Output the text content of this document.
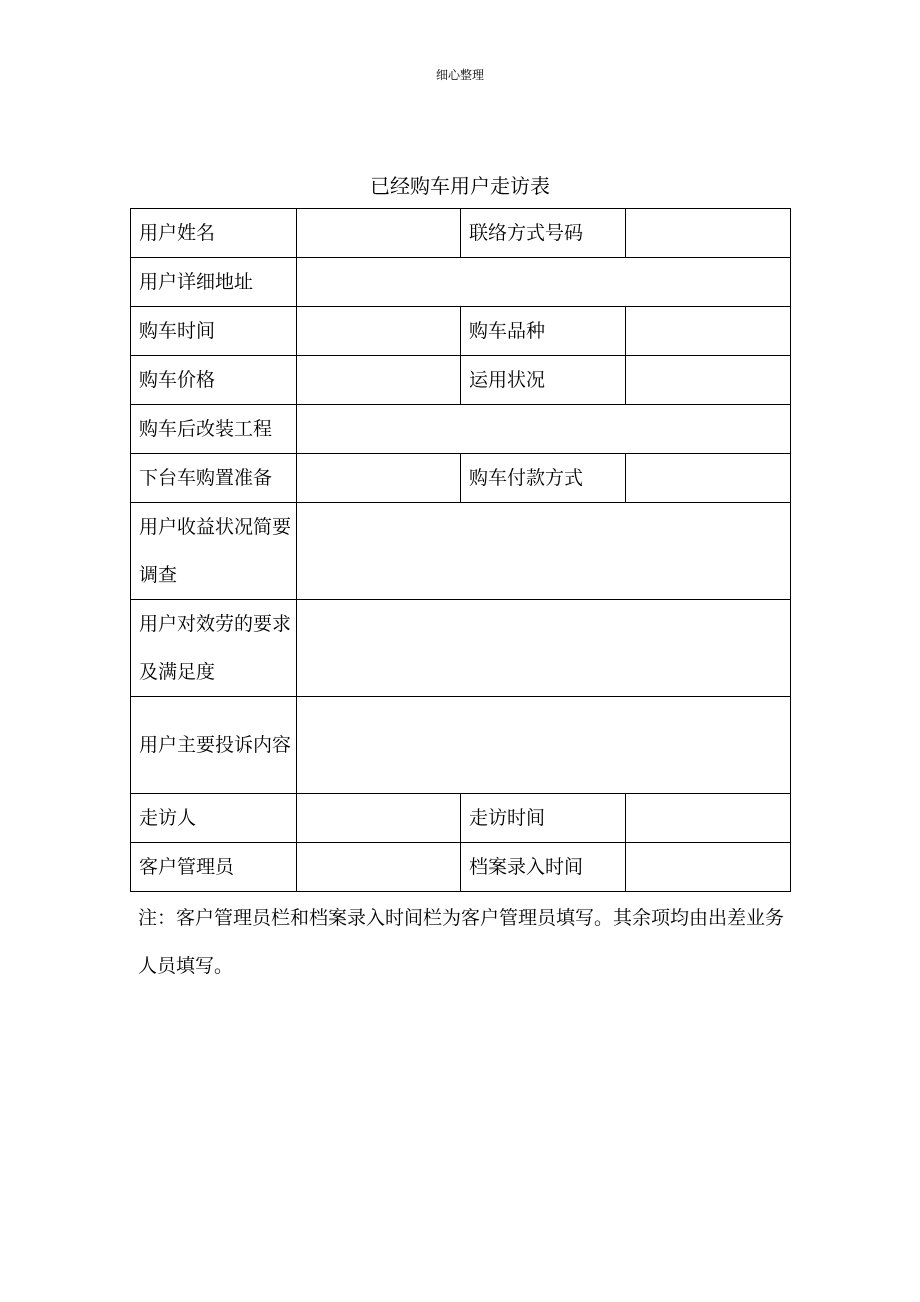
细心整理
已经购车用户走访表
用户姓名		联络方式号码	
用户详细地址			
购车时间		购车品种	
购车价格		运用状况	
购车后改装工程			
下台车购置准备		购车付款方式	
用户收益状况简要调查			
用户对效劳的要求及满足度			
用户主要投诉内容			
走访人		走访时间	
客户管理员		档案录入时间	
注：客户管理员栏和档案录入时间栏为客户管理员填写。其余项均由出差业务人员填写。
